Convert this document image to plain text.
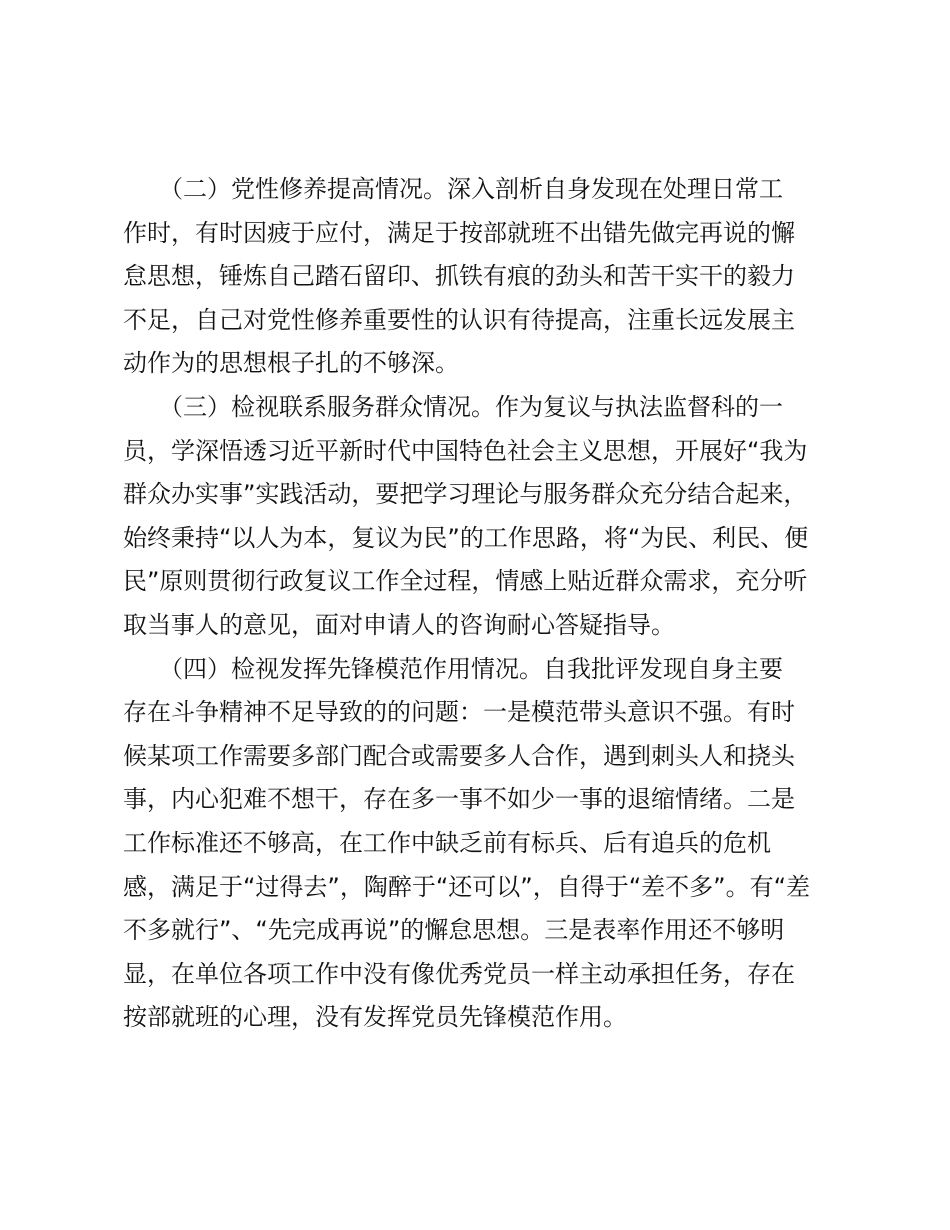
　　（二）党性修养提高情况。深入剖析自身发现在处理日常工
作时，有时因疲于应付，满足于按部就班不出错先做完再说的懈
怠思想，锤炼自己踏石留印、抓铁有痕的劲头和苦干实干的毅力
不足，自己对党性修养重要性的认识有待提高，注重长远发展主
动作为的思想根子扎的不够深。

　　（三）检视联系服务群众情况。作为复议与执法监督科的一
员，学深悟透习近平新时代中国特色社会主义思想，开展好“我为
群众办实事”实践活动，要把学习理论与服务群众充分结合起来，
始终秉持“以人为本，复议为民”的工作思路，将“为民、利民、便
民”原则贯彻行政复议工作全过程，情感上贴近群众需求，充分听
取当事人的意见，面对申请人的咨询耐心答疑指导。

　　（四）检视发挥先锋模范作用情况。自我批评发现自身主要
存在斗争精神不足导致的的问题：一是模范带头意识不强。有时
候某项工作需要多部门配合或需要多人合作，遇到刺头人和挠头
事，内心犯难不想干，存在多一事不如少一事的退缩情绪。二是
工作标准还不够高，在工作中缺乏前有标兵、后有追兵的危机
感，满足于“过得去”，陶醉于“还可以”，自得于“差不多”。有“差
不多就行”、“先完成再说”的懈怠思想。三是表率作用还不够明
显，在单位各项工作中没有像优秀党员一样主动承担任务，存在
按部就班的心理，没有发挥党员先锋模范作用。
